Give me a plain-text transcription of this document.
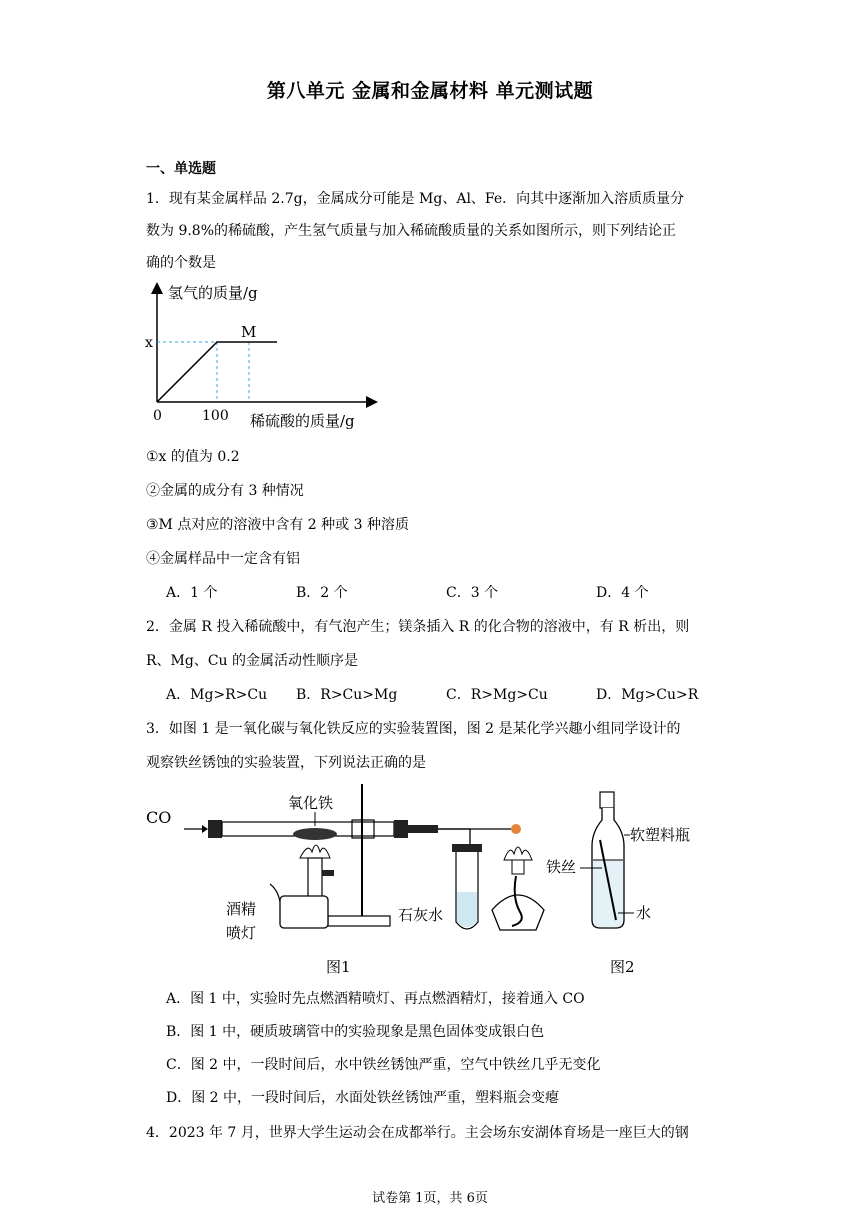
第八单元 金属和金属材料 单元测试题
一、单选题
1．现有某金属样品 2.7g，金属成分可能是 Mg、Al、Fe．向其中逐渐加入溶质质量分
数为 9.8%的稀硫酸，产生氢气质量与加入稀硫酸质量的关系如图所示，则下列结论正
确的个数是
氢气的质量/g
稀硫酸的质量/g
0	100
x
M
①x 的值为 0.2
②金属的成分有 3 种情况
③M 点对应的溶液中含有 2 种或 3 种溶质
④金属样品中一定含有铝
A．1 个	B．2 个	C．3 个	D．4 个
2．金属 R 投入稀硫酸中，有气泡产生；镁条插入 R 的化合物的溶液中，有 R 析出，则
R、Mg、Cu 的金属活动性顺序是
A．Mg>R>Cu B．R>Cu>Mg	C．R>Mg>Cu	D．Mg>Cu>R
3．如图 1 是一氧化碳与氧化铁反应的实验装置图，图 2 是某化学兴趣小组同学设计的
观察铁丝锈蚀的实验装置，下列说法正确的是
CO
氧化铁
酒精
喷灯
石灰水
软塑料瓶
铁丝
水
图1	图2
A．图 1 中，实验时先点燃酒精喷灯、再点燃酒精灯，接着通入 CO
B．图 1 中，硬质玻璃管中的实验现象是黑色固体变成银白色
C．图 2 中，一段时间后，水中铁丝锈蚀严重，空气中铁丝几乎无变化
D．图 2 中，一段时间后，水面处铁丝锈蚀严重，塑料瓶会变瘪
4．2023 年 7 月，世界大学生运动会在成都举行。主会场东安湖体育场是一座巨大的钢
试卷第 1页，共 6页
